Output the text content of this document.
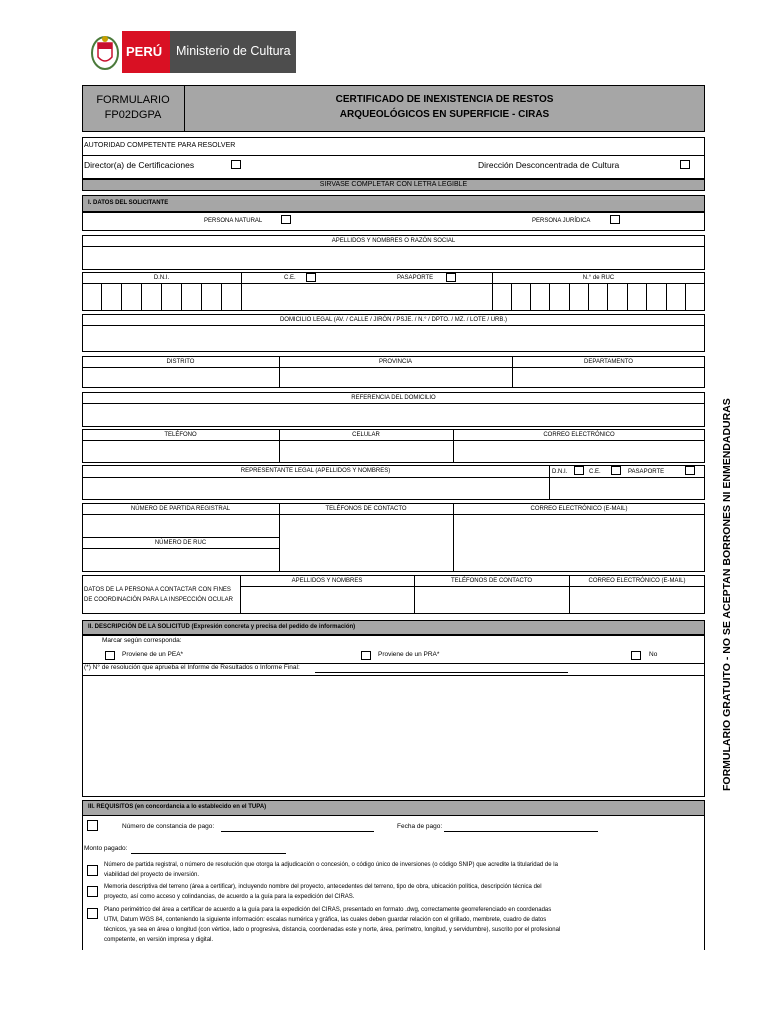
PERÚ Ministerio de Cultura
FORMULARIO
FP02DGPA
CERTIFICADO DE INEXISTENCIA DE RESTOS
ARQUEOLÓGICOS EN SUPERFICIE - CIRAS
AUTORIDAD COMPETENTE PARA RESOLVER
Director(a) de Certificaciones	Dirección Desconcentrada de Cultura
SIRVASE COMPLETAR CON LETRA LEGIBLE
I. DATOS DEL SOLICITANTE
PERSONA NATURAL	PERSONA JURÍDICA
APELLIDOS Y NOMBRES O RAZÓN SOCIAL
D.N.I.	C.E.	PASAPORTE	N.° de RUC
DOMICILIO LEGAL (AV. / CALLE / JIRÓN / PSJE. / N.° / DPTO. / MZ. / LOTE / URB.)
DISTRITO	PROVINCIA	DEPARTAMENTO
REFERENCIA DEL DOMICILIO
TELÉFONO	CELULAR	CORREO ELECTRÓNICO
REPRESENTANTE LEGAL (APELLIDOS Y NOMBRES)	D.N.I.	C.E.	PASAPORTE
NÚMERO DE PARTIDA REGISTRAL	TELÉFONOS DE CONTACTO	CORREO ELECTRÓNICO (E-MAIL)
NÚMERO DE RUC
DATOS DE LA PERSONA A CONTACTAR CON FINES
DE COORDINACIÓN PARA LA INSPECCIÓN OCULAR
APELLIDOS Y NOMBRES	TELÉFONOS DE CONTACTO	CORREO ELECTRÓNICO (E-MAIL)
II. DESCRIPCIÓN DE LA SOLICITUD (Expresión concreta y precisa del pedido de información)
Marcar según corresponda:
Proviene de un PEA*	Proviene de un PRA*	No
(*) N° de resolución que aprueba el Informe de Resultados o Informe Final:
III. REQUISITOS (en concordancia a lo establecido en el TUPA)
Número de constancia de pago:	Fecha de pago:
Monto pagado:
Número de partida registral, o número de resolución que otorga la adjudicación o concesión, o código único de inversiones (o código SNIP) que acredite la titularidad de la
viabilidad del proyecto de inversión.
Memoria descriptiva del terreno (área a certificar), incluyendo nombre del proyecto, antecedentes del terreno, tipo de obra, ubicación política, descripción técnica del
proyecto, así como acceso y colindancias, de acuerdo a la guía para la expedición del CIRAS.
Plano perimétrico del área a certificar de acuerdo a la guía para la expedición del CIRAS, presentado en formato .dwg, correctamente georreferenciado en coordenadas
UTM, Datum WGS 84, conteniendo la siguiente información: escalas numérica y gráfica, las cuales deben guardar relación con el grillado, membrete, cuadro de datos
técnicos, ya sea en área o longitud (con vértice, lado o progresiva, distancia, coordenadas este y norte, área, perímetro, longitud, y servidumbre), suscrito por el profesional
competente, en versión impresa y digital.
FORMULARIO GRATUITO - NO SE ACEPTAN BORRONES NI ENMENDADURAS
